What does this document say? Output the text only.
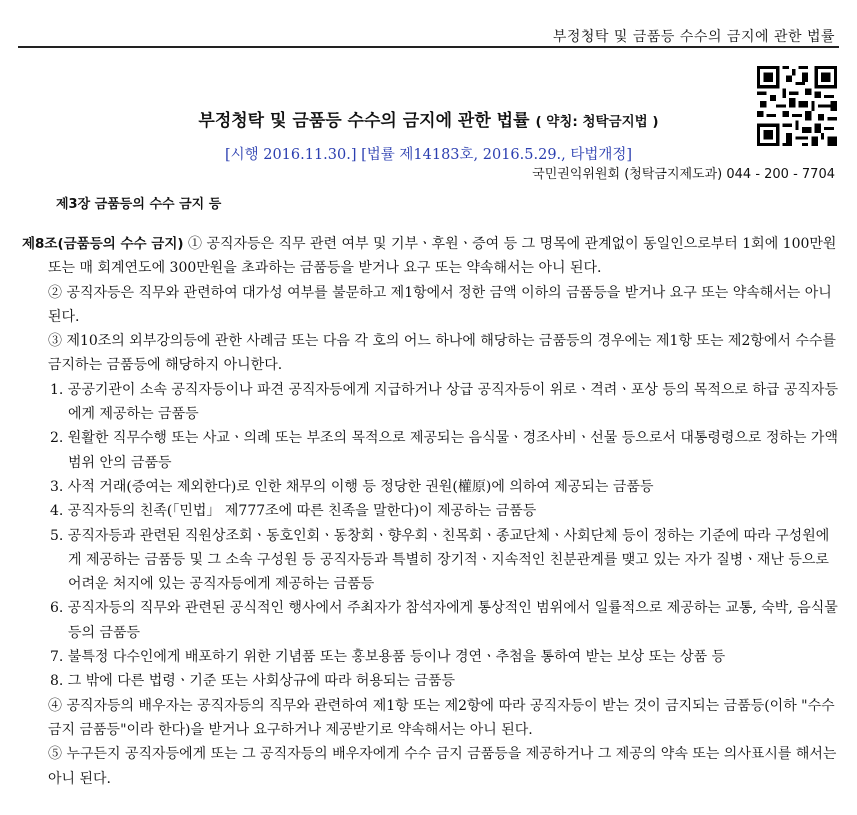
부정청탁 및 금품등 수수의 금지에 관한 법률
부정청탁 및 금품등 수수의 금지에 관한 법률 ( 약칭: 청탁금지법 )
[시행 2016.11.30.] [법률 제14183호, 2016.5.29., 타법개정]
국민권익위원회 (청탁금지제도과) 044 - 200 - 7704
제3장 금품등의 수수 금지 등

제8조(금품등의 수수 금지) ① 공직자등은 직무 관련 여부 및 기부ㆍ후원ㆍ증여 등 그 명목에 관계없이 동일인으로부터 1회에 100만원 또는 매 회계연도에 300만원을 초과하는 금품등을 받거나 요구 또는 약속해서는 아니 된다.

② 공직자등은 직무와 관련하여 대가성 여부를 불문하고 제1항에서 정한 금액 이하의 금품등을 받거나 요구 또는 약속해서는 아니 된다.

③ 제10조의 외부강의등에 관한 사례금 또는 다음 각 호의 어느 하나에 해당하는 금품등의 경우에는 제1항 또는 제2항에서 수수를 금지하는 금품등에 해당하지 아니한다.

1. 공공기관이 소속 공직자등이나 파견 공직자등에게 지급하거나 상급 공직자등이 위로ㆍ격려ㆍ포상 등의 목적으로 하급 공직자등에게 제공하는 금품등

2. 원활한 직무수행 또는 사교ㆍ의례 또는 부조의 목적으로 제공되는 음식물ㆍ경조사비ㆍ선물 등으로서 대통령령으로 정하는 가액 범위 안의 금품등

3. 사적 거래(증여는 제외한다)로 인한 채무의 이행 등 정당한 권원(權原)에 의하여 제공되는 금품등

4. 공직자등의 친족(「민법」 제777조에 따른 친족을 말한다)이 제공하는 금품등

5. 공직자등과 관련된 직원상조회ㆍ동호인회ㆍ동창회ㆍ향우회ㆍ친목회ㆍ종교단체ㆍ사회단체 등이 정하는 기준에 따라 구성원에게 제공하는 금품등 및 그 소속 구성원 등 공직자등과 특별히 장기적ㆍ지속적인 친분관계를 맺고 있는 자가 질병ㆍ재난 등으로 어려운 처지에 있는 공직자등에게 제공하는 금품등

6. 공직자등의 직무와 관련된 공식적인 행사에서 주최자가 참석자에게 통상적인 범위에서 일률적으로 제공하는 교통, 숙박, 음식물 등의 금품등

7. 불특정 다수인에게 배포하기 위한 기념품 또는 홍보용품 등이나 경연ㆍ추첨을 통하여 받는 보상 또는 상품 등

8. 그 밖에 다른 법령ㆍ기준 또는 사회상규에 따라 허용되는 금품등

④ 공직자등의 배우자는 공직자등의 직무와 관련하여 제1항 또는 제2항에 따라 공직자등이 받는 것이 금지되는 금품등(이하 "수수 금지 금품등"이라 한다)을 받거나 요구하거나 제공받기로 약속해서는 아니 된다.

⑤ 누구든지 공직자등에게 또는 그 공직자등의 배우자에게 수수 금지 금품등을 제공하거나 그 제공의 약속 또는 의사표시를 해서는 아니 된다.
